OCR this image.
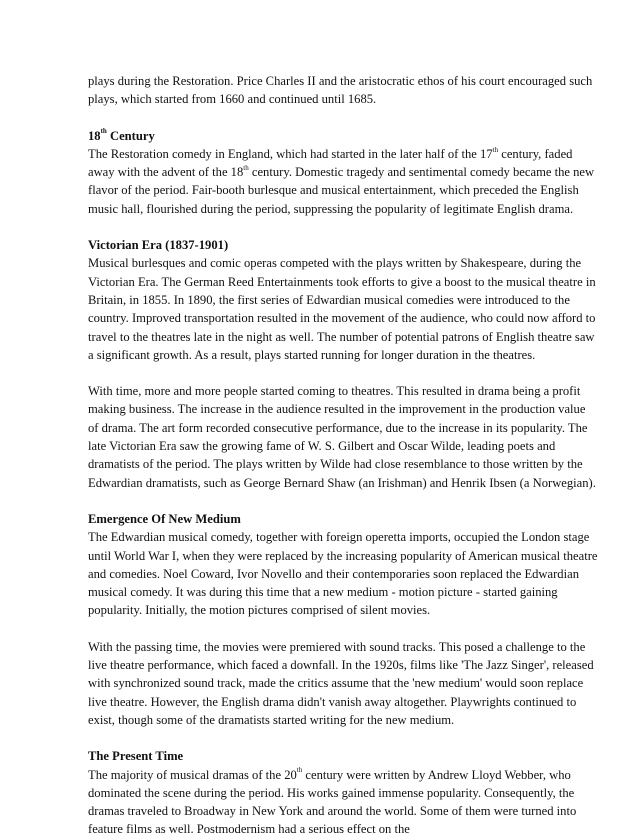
plays during the Restoration. Price Charles II and the aristocratic ethos of his court encouraged such plays, which started from 1660 and continued until 1685.

18th Century

The Restoration comedy in England, which had started in the later half of the 17th century, faded away with the advent of the 18th century. Domestic tragedy and sentimental comedy became the new flavor of the period. Fair-booth burlesque and musical entertainment, which preceded the English music hall, flourished during the period, suppressing the popularity of legitimate English drama.

Victorian Era (1837-1901)

Musical burlesques and comic operas competed with the plays written by Shakespeare, during the Victorian Era. The German Reed Entertainments took efforts to give a boost to the musical theatre in Britain, in 1855. In 1890, the first series of Edwardian musical comedies were introduced to the country. Improved transportation resulted in the movement of the audience, who could now afford to travel to the theatres late in the night as well. The number of potential patrons of English theatre saw a significant growth. As a result, plays started running for longer duration in the theatres.

With time, more and more people started coming to theatres. This resulted in drama being a profit making business. The increase in the audience resulted in the improvement in the production value of drama. The art form recorded consecutive performance, due to the increase in its popularity. The late Victorian Era saw the growing fame of W. S. Gilbert and Oscar Wilde, leading poets and dramatists of the period. The plays written by Wilde had close resemblance to those written by the Edwardian dramatists, such as George Bernard Shaw (an Irishman) and Henrik Ibsen (a Norwegian).

Emergence Of New Medium

The Edwardian musical comedy, together with foreign operetta imports, occupied the London stage until World War I, when they were replaced by the increasing popularity of American musical theatre and comedies. Noel Coward, Ivor Novello and their contemporaries soon replaced the Edwardian musical comedy. It was during this time that a new medium - motion picture - started gaining popularity. Initially, the motion pictures comprised of silent movies.

With the passing time, the movies were premiered with sound tracks. This posed a challenge to the live theatre performance, which faced a downfall. In the 1920s, films like 'The Jazz Singer', released with synchronized sound track, made the critics assume that the 'new medium' would soon replace live theatre. However, the English drama didn't vanish away altogether. Playwrights continued to exist, though some of the dramatists started writing for the new medium.

The Present Time

The majority of musical dramas of the 20th century were written by Andrew Lloyd Webber, who dominated the scene during the period. His works gained immense popularity. Consequently, the dramas traveled to Broadway in New York and around the world. Some of them were turned into feature films as well. Postmodernism had a serious effect on the
